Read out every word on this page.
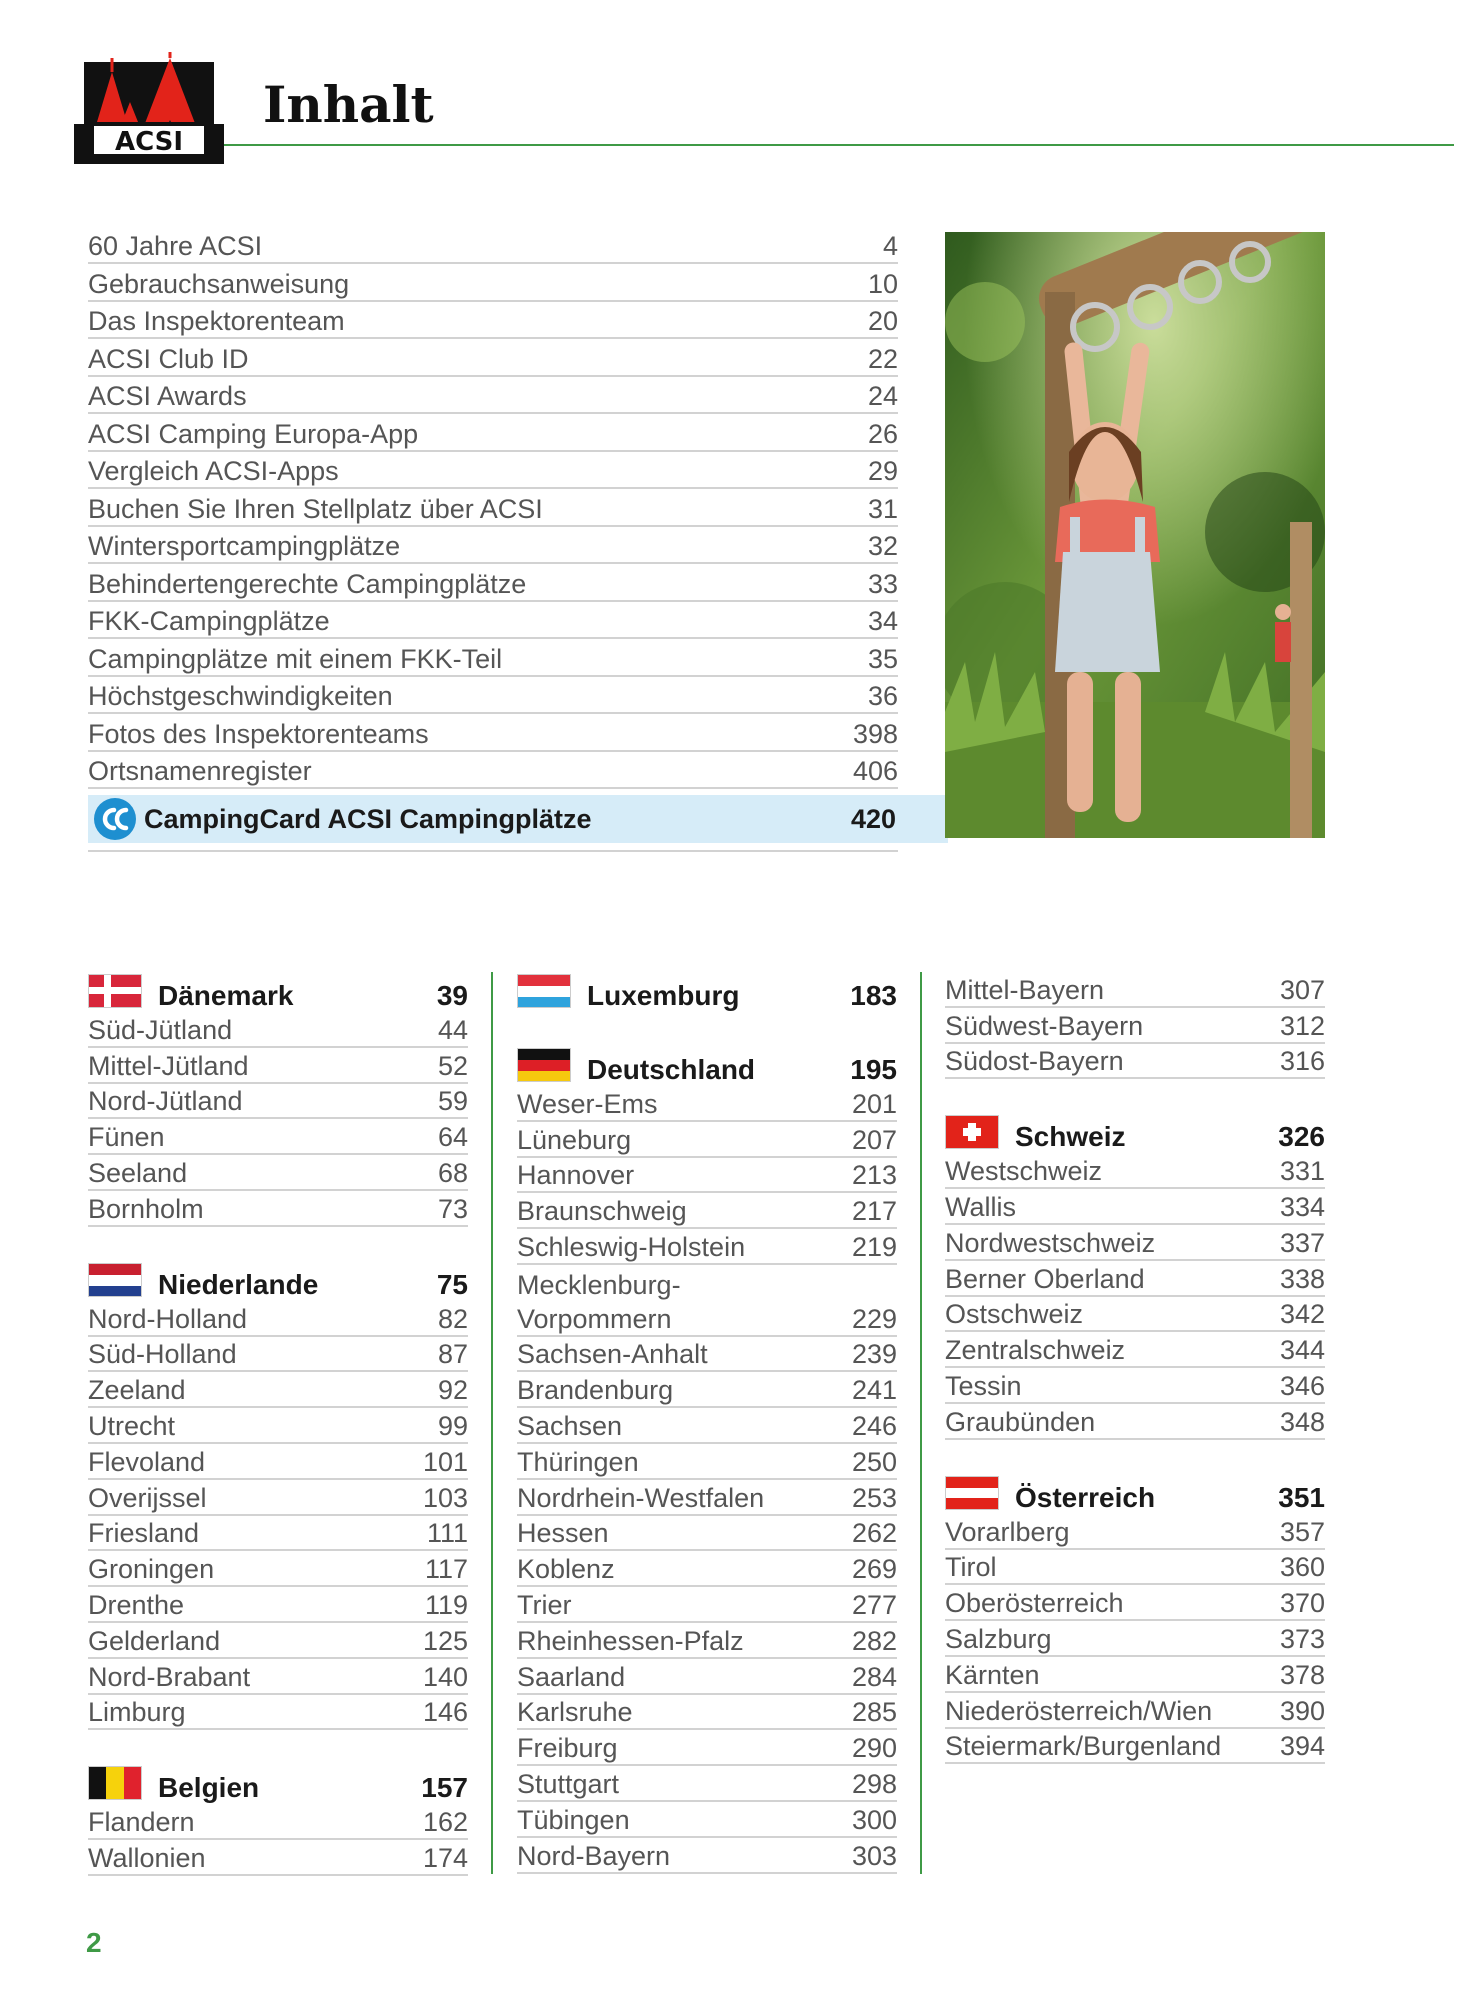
ACSI
Inhalt
60 Jahre ACSI	4
Gebrauchsanweisung	10
Das Inspektorenteam	20
ACSI Club ID	22
ACSI Awards	24
ACSI Camping Europa-App	26
Vergleich ACSI-Apps	29
Buchen Sie Ihren Stellplatz über ACSI	31
Wintersportcampingplätze	32
Behindertengerechte Campingplätze	33
FKK-Campingplätze	34
Campingplätze mit einem FKK-Teil	35
Höchstgeschwindigkeiten	36
Fotos des Inspektorenteams	398
Ortsnamenregister	406
CampingCard ACSI Campingplätze	420
Dänemark	39
Süd-Jütland	44
Mittel-Jütland	52
Nord-Jütland	59
Fünen	64
Seeland	68
Bornholm	73
Niederlande	75
Nord-Holland	82
Süd-Holland	87
Zeeland	92
Utrecht	99
Flevoland	101
Overijssel	103
Friesland	111
Groningen	117
Drenthe	119
Gelderland	125
Nord-Brabant	140
Limburg	146
Belgien	157
Flandern	162
Wallonien	174
Luxemburg	183
Deutschland	195
Weser-Ems	201
Lüneburg	207
Hannover	213
Braunschweig	217
Schleswig-Holstein	219
Mecklenburg-
Vorpommern	229
Sachsen-Anhalt	239
Brandenburg	241
Sachsen	246
Thüringen	250
Nordrhein-Westfalen	253
Hessen	262
Koblenz	269
Trier	277
Rheinhessen-Pfalz	282
Saarland	284
Karlsruhe	285
Freiburg	290
Stuttgart	298
Tübingen	300
Nord-Bayern	303
Mittel-Bayern	307
Südwest-Bayern	312
Südost-Bayern	316
Schweiz	326
Westschweiz	331
Wallis	334
Nordwestschweiz	337
Berner Oberland	338
Ostschweiz	342
Zentralschweiz	344
Tessin	346
Graubünden	348
Österreich	351
Vorarlberg	357
Tirol	360
Oberösterreich	370
Salzburg	373
Kärnten	378
Niederösterreich/Wien	390
Steiermark/Burgenland 394
2
